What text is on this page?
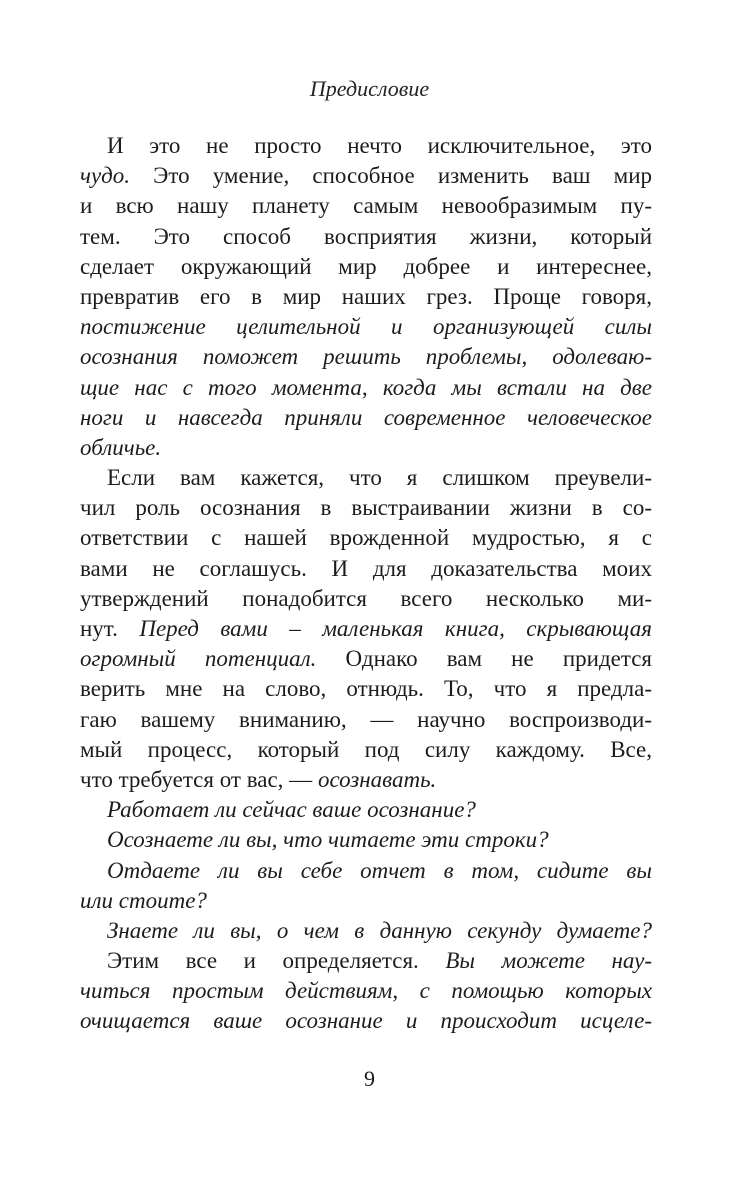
Предисловие
И это не просто нечто исключительное, это
чудо. Это умение, способное изменить ваш мир
и всю нашу планету самым невообразимым пу-
тем. Это способ восприятия жизни, который
сделает окружающий мир добрее и интереснее,
превратив его в мир наших грез. Проще говоря,
постижение целительной и организующей силы
осознания поможет решить проблемы, одолеваю-
щие нас с того момента, когда мы встали на две
ноги и навсегда приняли современное человеческое
обличье.
Если вам кажется, что я слишком преувели-
чил роль осознания в выстраивании жизни в со-
ответствии с нашей врожденной мудростью, я с
вами не соглашусь. И для доказательства моих
утверждений понадобится всего несколько ми-
нут. Перед вами – маленькая книга, скрывающая
огромный потенциал. Однако вам не придется
верить мне на слово, отнюдь. То, что я предла-
гаю вашему вниманию, — научно воспроизводи-
мый процесс, который под силу каждому. Все,
что требуется от вас, — осознавать.
Работает ли сейчас ваше осознание?
Осознаете ли вы, что читаете эти строки?
Отдаете ли вы себе отчет в том, сидите вы
или стоите?
Знаете ли вы, о чем в данную секунду думаете?
Этим все и определяется. Вы можете нау-
читься простым действиям, с помощью которых
очищается ваше осознание и происходит исцеле-
9
